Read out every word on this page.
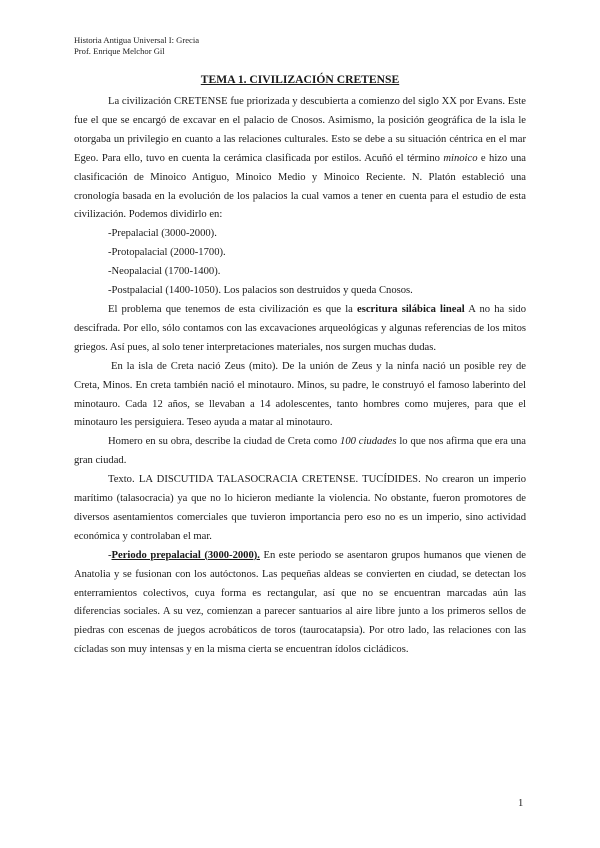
Historia Antigua Universal I: Grecia
Prof. Enrique Melchor Gil
TEMA 1. CIVILIZACIÓN CRETENSE

La civilización CRETENSE fue priorizada y descubierta a comienzo del siglo XX por Evans. Este fue el que se encargó de excavar en el palacio de Cnosos. Asimismo, la posición geográfica de la isla le otorgaba un privilegio en cuanto a las relaciones culturales. Esto se debe a su situación céntrica en el mar Egeo. Para ello, tuvo en cuenta la cerámica clasificada por estilos. Acuñó el término minoico e hizo una clasificación de Minoico Antiguo, Minoico Medio y Minoico Reciente. N. Platón estableció una cronología basada en la evolución de los palacios la cual vamos a tener en cuenta para el estudio de esta civilización. Podemos dividirlo en:

-Prepalacial (3000-2000).

-Protopalacial (2000-1700).

-Neopalacial (1700-1400).

-Postpalacial (1400-1050). Los palacios son destruidos y queda Cnosos.

El problema que tenemos de esta civilización es que la escritura silábica lineal A no ha sido descifrada. Por ello, sólo contamos con las excavaciones arqueológicas y algunas referencias de los mitos griegos. Así pues, al solo tener interpretaciones materiales, nos surgen muchas dudas.

En la isla de Creta nació Zeus (mito). De la unión de Zeus y la ninfa nació un posible rey de Creta, Minos. En creta también nació el minotauro. Minos, su padre, le construyó el famoso laberinto del minotauro. Cada 12 años, se llevaban a 14 adolescentes, tanto hombres como mujeres, para que el minotauro les persiguiera. Teseo ayuda a matar al minotauro.

Homero en su obra, describe la ciudad de Creta como 100 ciudades lo que nos afirma que era una gran ciudad.

Texto. LA DISCUTIDA TALASOCRACIA CRETENSE. TUCÍDIDES. No crearon un imperio marítimo (talasocracia) ya que no lo hicieron mediante la violencia. No obstante, fueron promotores de diversos asentamientos comerciales que tuvieron importancia pero eso no es un imperio, sino actividad económica y controlaban el mar.

-Periodo prepalacial (3000-2000). En este periodo se asentaron grupos humanos que vienen de Anatolia y se fusionan con los autóctonos. Las pequeñas aldeas se convierten en ciudad, se detectan los enterramientos colectivos, cuya forma es rectangular, así que no se encuentran marcadas aún las diferencias sociales. A su vez, comienzan a parecer santuarios al aire libre junto a los primeros sellos de piedras con escenas de juegos acrobáticos de toros (taurocatapsia). Por otro lado, las relaciones con las cícladas son muy intensas y en la misma cierta se encuentran ídolos cicládicos.

1
